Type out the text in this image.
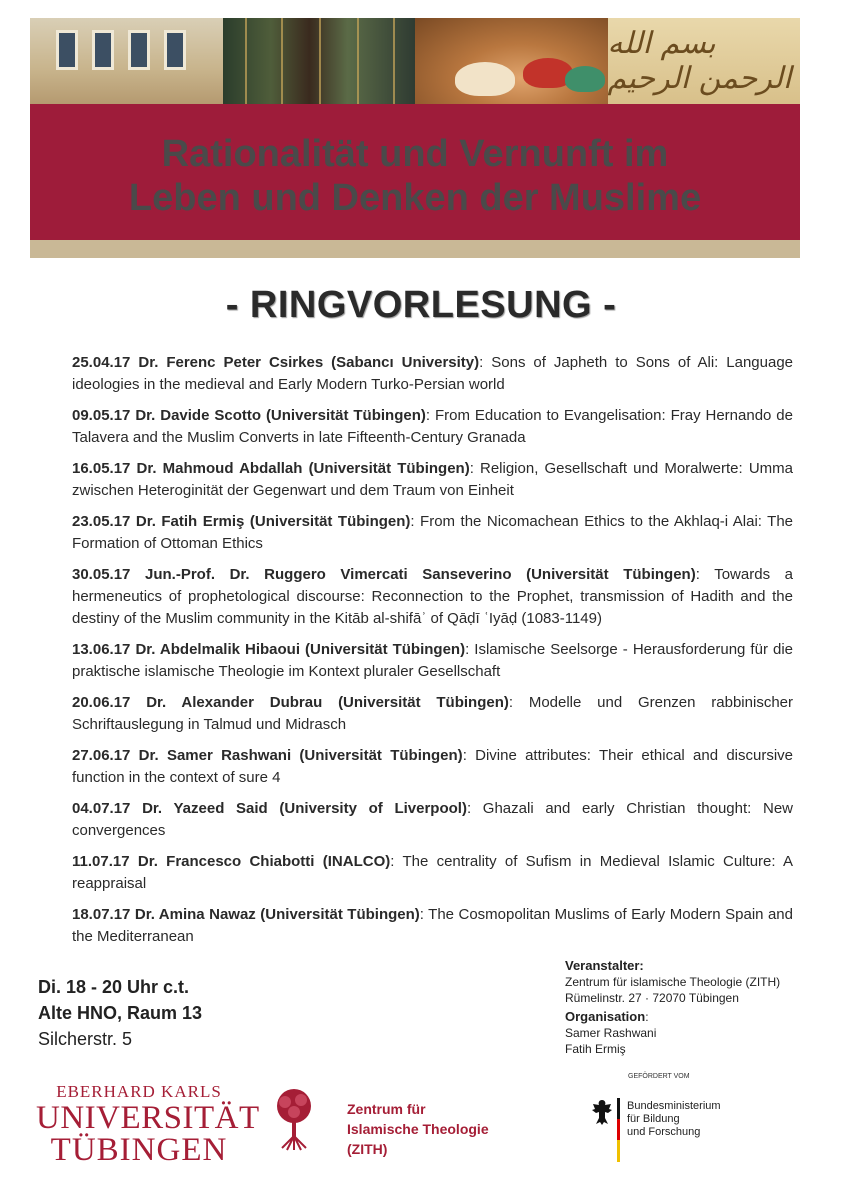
بسم الله الرحمن الرحيم
Rationalität und Vernunft im
Leben und Denken der Muslime
- RINGVORLESUNG -

25.04.17 Dr. Ferenc Peter Csirkes (Sabancı University): Sons of Japheth to Sons of Ali: Language ideologies in the medieval and Early Modern Turko-Persian world

09.05.17 Dr. Davide Scotto (Universität Tübingen): From Education to Evangelisation: Fray Hernando de Talavera and the Muslim Converts in late Fifteenth-Century Granada

16.05.17 Dr. Mahmoud Abdallah (Universität Tübingen): Religion, Gesellschaft und Moralwerte: Umma zwischen Heteroginität der Gegenwart und dem Traum von Einheit

23.05.17 Dr. Fatih Ermiş (Universität Tübingen): From the Nicomachean Ethics to the Akhlaq-i Alai: The Formation of Ottoman Ethics

30.05.17 Jun.-Prof. Dr. Ruggero Vimercati Sanseverino (Universität Tübingen): Towards a hermeneutics of prophetological discourse: Reconnection to the Prophet, transmission of Hadith and the destiny of the Muslim community in the Kitāb al-shifāʾ of Qāḍī ʿIyāḍ (1083-1149)

13.06.17 Dr. Abdelmalik Hibaoui (Universität Tübingen): Islamische Seelsorge - Herausforderung für die praktische islamische Theologie im Kontext pluraler Gesellschaft

20.06.17 Dr. Alexander Dubrau (Universität Tübingen): Modelle und Grenzen rabbinischer Schriftauslegung in Talmud und Midrasch

27.06.17 Dr. Samer Rashwani (Universität Tübingen): Divine attributes: Their ethical and discursive function in the context of sure 4

04.07.17 Dr. Yazeed Said (University of Liverpool): Ghazali and early Christian thought: New convergences

11.07.17 Dr. Francesco Chiabotti (INALCO): The centrality of Sufism in Medieval Islamic Culture: A reappraisal

18.07.17 Dr. Amina Nawaz (Universität Tübingen): The Cosmopolitan Muslims of Early Modern Spain and the Mediterranean

Di. 18 - 20 Uhr c.t.
Alte HNO, Raum 13
Silcherstr. 5
Veranstalter:
Zentrum für islamische Theologie (ZITH)
Rümelinstr. 27 · 72070 Tübingen
Organisation:
Samer Rashwani
Fatih Ermiş
EBERHARD KARLS
UNIVERSITÄT
TÜBINGEN
Zentrum für
Islamische Theologie
(ZITH)
GEFÖRDERT VOM
Bundesministerium
für Bildung
und Forschung
